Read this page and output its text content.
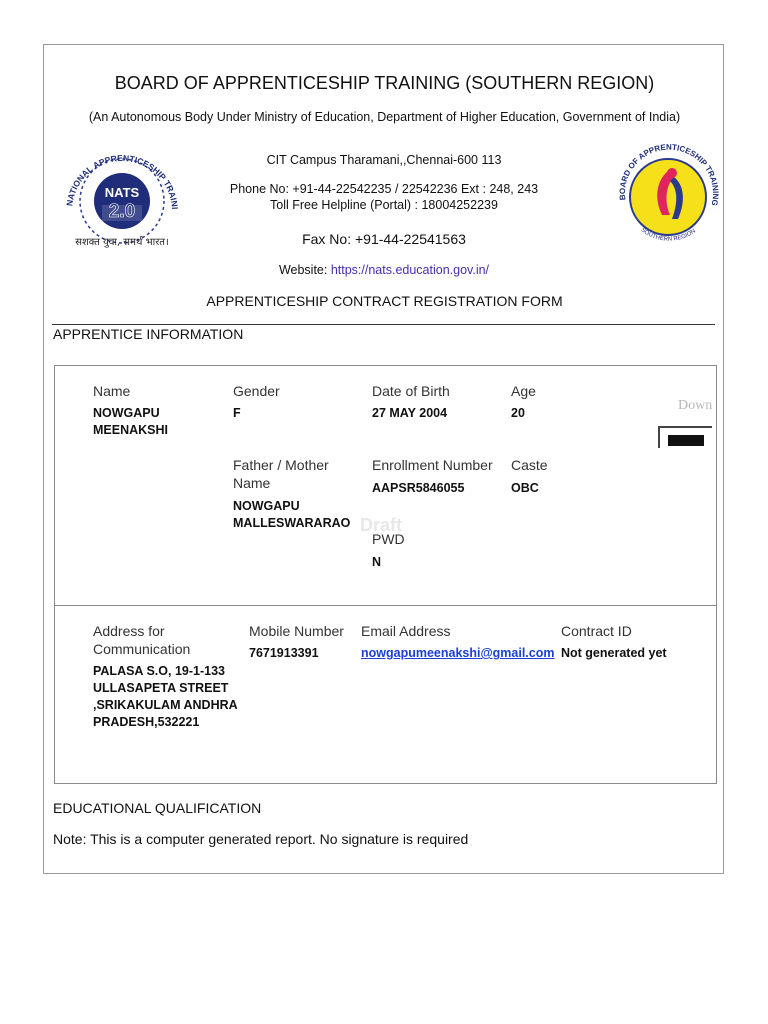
BOARD OF APPRENTICESHIP TRAINING (SOUTHERN REGION)
(An Autonomous Body Under Ministry of Education, Department of Higher Education, Government of India)
NATIONAL APPRENTICESHIP TRAINI
NATS
2.0
सशक्त युवा, समर्थ भारत।
BOARD OF APPRENTICESHIP TRAINING
SOUTHERN REGION
CIT Campus Tharamani,,Chennai-600 113
Phone No: +91-44-22542235 / 22542236 Ext : 248, 243
Toll Free Helpline (Portal) : 18004252239
Fax No: +91-44-22541563
Website: https://nats.education.gov.in/
APPRENTICESHIP CONTRACT REGISTRATION FORM
APPRENTICE INFORMATION
Name
NOWGAPU MEENAKSHI
Gender
F
Date of Birth
27 MAY 2004
Age
20	Down
Father / Mother Name
NOWGAPU MALLESWARARAO Draft
Enrollment Number
AAPSR5846055
Caste
OBC
PWD
N
Address for Communication
PALASA S.O, 19-1-133 ULLASAPETA STREET ,SRIKAKULAM ANDHRA PRADESH,532221
Mobile Number
7671913391
Email Address
nowgapumeenakshi@gmail.com
Contract ID
Not generated yet
EDUCATIONAL QUALIFICATION
Note: This is a computer generated report. No signature is required
